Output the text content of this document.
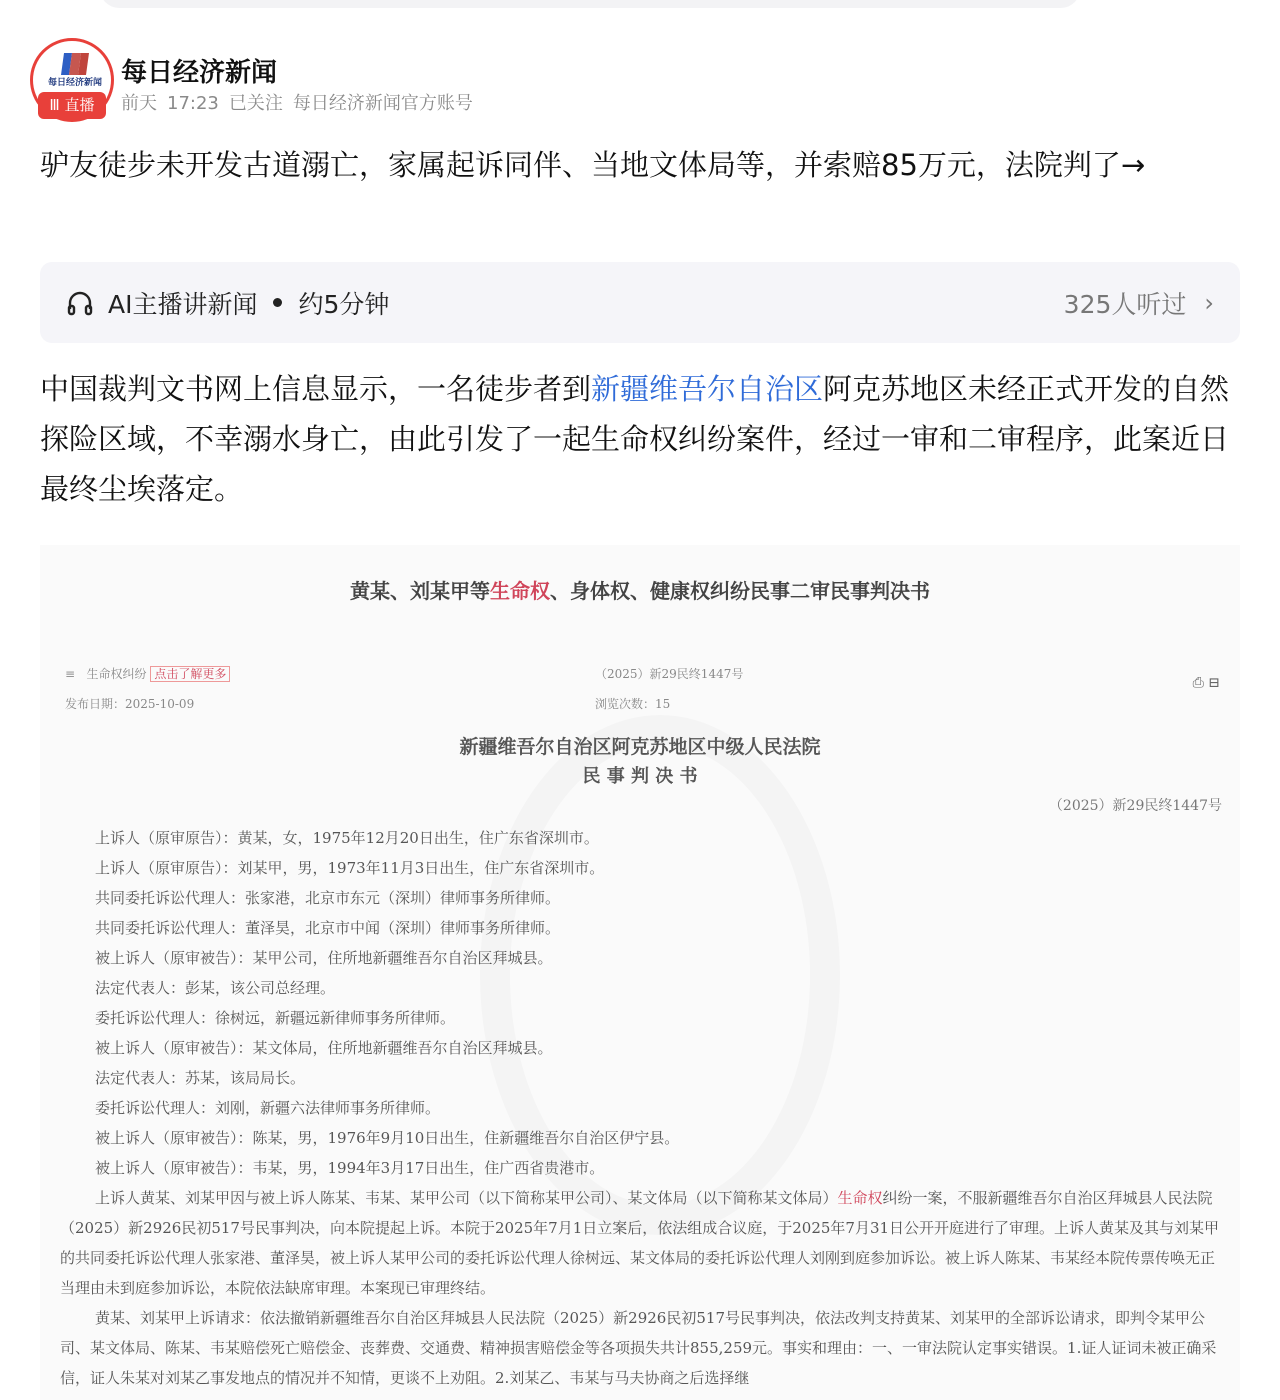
每日经济新闻
Ⅲ 直播
每日经济新闻
前天 17:23 已关注 每日经济新闻官方账号
驴友徒步未开发古道溺亡，家属起诉同伴、当地文体局等，并索赔85万元，法院判了→
AI主播讲新闻 约5分钟	325人听过 ›

中国裁判文书网上信息显示，一名徒步者到新疆维吾尔自治区阿克苏地区未经正式开发的自然探险区域，不幸溺水身亡，由此引发了一起生命权纠纷案件，经过一审和二审程序，此案近日最终尘埃落定。

黄某、刘某甲等生命权、身体权、健康权纠纷民事二审民事判决书
≡   生命权纠纷 点击了解更多	（2025）新29民终1447号
发布日期：2025-10-09	浏览次数：15
⎙ ⊟
新疆维吾尔自治区阿克苏地区中级人民法院
民 事 判 决 书
（2025）新29民终1447号
上诉人（原审原告）：黄某，女，1975年12月20日出生，住广东省深圳市。
上诉人（原审原告）：刘某甲，男，1973年11月3日出生，住广东省深圳市。
共同委托诉讼代理人：张家港，北京市东元（深圳）律师事务所律师。
共同委托诉讼代理人：董泽昊，北京市中闻（深圳）律师事务所律师。
被上诉人（原审被告）：某甲公司，住所地新疆维吾尔自治区拜城县。
法定代表人：彭某，该公司总经理。
委托诉讼代理人：徐树远，新疆远新律师事务所律师。
被上诉人（原审被告）：某文体局，住所地新疆维吾尔自治区拜城县。
法定代表人：苏某，该局局长。
委托诉讼代理人：刘刚，新疆六法律师事务所律师。
被上诉人（原审被告）：陈某，男，1976年9月10日出生，住新疆维吾尔自治区伊宁县。
被上诉人（原审被告）：韦某，男，1994年3月17日出生，住广西省贵港市。

上诉人黄某、刘某甲因与被上诉人陈某、韦某、某甲公司（以下简称某甲公司）、某文体局（以下简称某文体局）生命权纠纷一案，不服新疆维吾尔自治区拜城县人民法院（2025）新2926民初517号民事判决，向本院提起上诉。本院于2025年7月1日立案后，依法组成合议庭，于2025年7月31日公开开庭进行了审理。上诉人黄某及其与刘某甲的共同委托诉讼代理人张家港、董泽昊，被上诉人某甲公司的委托诉讼代理人徐树远、某文体局的委托诉讼代理人刘刚到庭参加诉讼。被上诉人陈某、韦某经本院传票传唤无正当理由未到庭参加诉讼，本院依法缺席审理。本案现已审理终结。

黄某、刘某甲上诉请求：依法撤销新疆维吾尔自治区拜城县人民法院（2025）新2926民初517号民事判决，依法改判支持黄某、刘某甲的全部诉讼请求，即判令某甲公司、某文体局、陈某、韦某赔偿死亡赔偿金、丧葬费、交通费、精神损害赔偿金等各项损失共计855,259元。事实和理由：一、一审法院认定事实错误。1.证人证词未被正确采信，证人朱某对刘某乙事发地点的情况并不知情，更谈不上劝阻。2.刘某乙、韦某与马夫协商之后选择继
